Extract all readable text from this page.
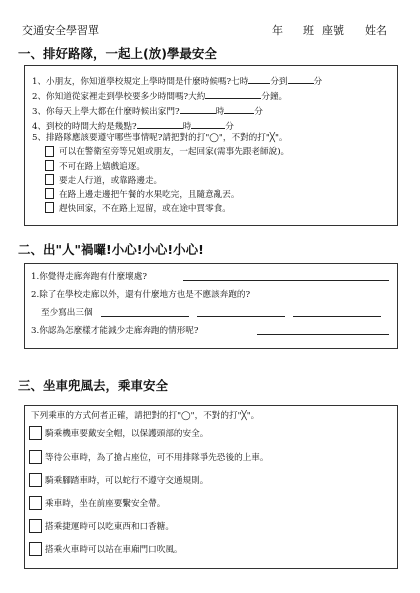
交通安全學習單	年 班 座號 姓名
一、排好路隊，一起上(放)學最安全
1、小朋友，你知道學校規定上學時間是什麼時候嗎?七時	分到	分
2、你知道從家裡走到學校要多少時間嗎?大約	分鐘。
3、你每天上學大都在什麼時候出家門?	時	分
4、到校的時間大約是幾點?	時	分
5、排路隊應該要遵守哪些事情呢?請把對的打"◯"，不對的打"╳"。
可以在警衛室旁等兄姐或朋友，一起回家(需事先跟老師說)。
不可在路上嬉戲追逐。
要走人行道，或靠路邊走。
在路上邊走邊把午餐的水果吃完，且隨意亂丟。
趕快回家，不在路上逗留，或在途中買零食。
二、出"人"禍囉!小心!小心!小心!
1.你覺得走廊奔跑有什麼壞處?
2.除了在學校走廊以外，還有什麼地方也是不應該奔跑的?
至少寫出三個
3.你認為怎麼樣才能減少走廊奔跑的情形呢?
三、坐車兜風去，乘車安全
下列乘車的方式何者正確，請把對的打"◯"，不對的打"╳"。
騎乘機車要戴安全帽，以保護頭部的安全。
等待公車時，為了搶占座位，可不用排隊爭先恐後的上車。
騎乘腳踏車時，可以蛇行不遵守交通規則。
乘車時，坐在前座要繫安全帶。
搭乘捷運時可以吃東西和口香糖。
搭乘火車時可以站在車廂門口吹風。
